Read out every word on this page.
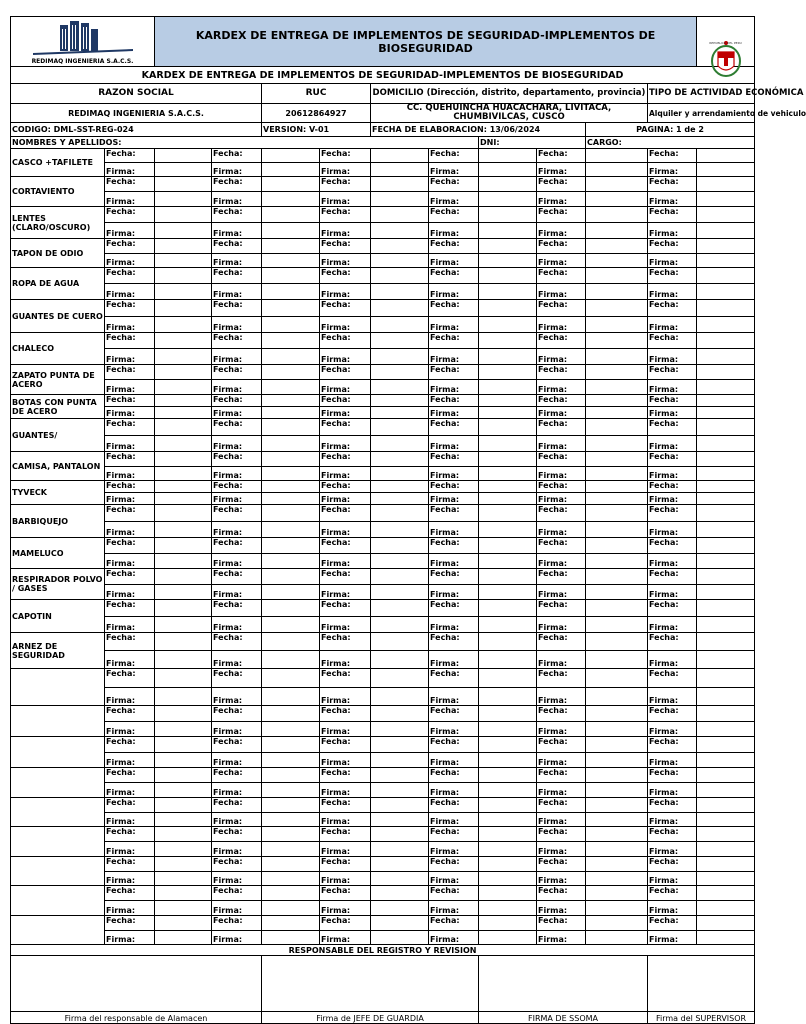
REDIMAQ INGENIERIA S.A.C.S.		KARDEX DE ENTREGA DE IMPLEMENTOS DE SEGURIDAD-IMPLEMENTOS DE BIOSEGURIDAD										REPUBLICA DEL PERU

KARDEX DE ENTREGA DE IMPLEMENTOS DE SEGURIDAD-IMPLEMENTOS DE BIOSEGURIDAD												
RAZON SOCIAL				RUC		DOMICILIO (Dirección, distrito, departamento, provincia)					TIPO DE ACTIVIDAD ECONÓMICA	
REDIMAQ INGENIERIA S.A.C.S.				20612864927		CC. QUEHUINCHA HUACACHARA, LIVITACA, CHUMBIVILCAS, CUSCO					Alquiler y arrendamiento de vehiculo	
CODIGO: DML-SST-REG-024				VERSION: V-01		FECHA DE ELABORACION: 13/06/2024				PAGINA: 1 de 2		
NOMBRES Y APELLIDOS:								DNI:		CARGO:		
CASCO +TAFILETE	Fecha:		Fecha:		Fecha:		Fecha:		Fecha:		Fecha:	
	Firma:		Firma:		Firma:		Firma:		Firma:		Firma:	
CORTAVIENTO	Fecha:		Fecha:		Fecha:		Fecha:		Fecha:		Fecha:	
	Firma:		Firma:		Firma:		Firma:		Firma:		Firma:	
LENTES (CLARO/OSCURO)	Fecha:		Fecha:		Fecha:		Fecha:		Fecha:		Fecha:	
	Firma:		Firma:		Firma:		Firma:		Firma:		Firma:	
TAPON DE ODIO	Fecha:		Fecha:		Fecha:		Fecha:		Fecha:		Fecha:	
	Firma:		Firma:		Firma:		Firma:		Firma:		Firma:	
ROPA DE AGUA	Fecha:		Fecha:		Fecha:		Fecha:		Fecha:		Fecha:	
	Firma:		Firma:		Firma:		Firma:		Firma:		Firma:	
GUANTES DE CUERO	Fecha:		Fecha:		Fecha:		Fecha:		Fecha:		Fecha:	
	Firma:		Firma:		Firma:		Firma:		Firma:		Firma:	
CHALECO	Fecha:		Fecha:		Fecha:		Fecha:		Fecha:		Fecha:	
	Firma:		Firma:		Firma:		Firma:		Firma:		Firma:	
ZAPATO PUNTA DE ACERO	Fecha:		Fecha:		Fecha:		Fecha:		Fecha:		Fecha:	
	Firma:		Firma:		Firma:		Firma:		Firma:		Firma:	
BOTAS CON PUNTA DE ACERO	Fecha:		Fecha:		Fecha:		Fecha:		Fecha:		Fecha:	
	Firma:		Firma:		Firma:		Firma:		Firma:		Firma:	
GUANTES/	Fecha:		Fecha:		Fecha:		Fecha:		Fecha:		Fecha:	
	Firma:		Firma:		Firma:		Firma:		Firma:		Firma:	
CAMISA, PANTALON	Fecha:		Fecha:		Fecha:		Fecha:		Fecha:		Fecha:	
	Firma:		Firma:		Firma:		Firma:		Firma:		Firma:	
TYVECK	Fecha:		Fecha:		Fecha:		Fecha:		Fecha:		Fecha:	
	Firma:		Firma:		Firma:		Firma:		Firma:		Firma:	
BARBIQUEJO	Fecha:		Fecha:		Fecha:		Fecha:		Fecha:		Fecha:	
	Firma:		Firma:		Firma:		Firma:		Firma:		Firma:	
MAMELUCO	Fecha:		Fecha:		Fecha:		Fecha:		Fecha:		Fecha:	
	Firma:		Firma:		Firma:		Firma:		Firma:		Firma:	
RESPIRADOR POLVO / GASES	Fecha:		Fecha:		Fecha:		Fecha:		Fecha:		Fecha:	
	Firma:		Firma:		Firma:		Firma:		Firma:		Firma:	
CAPOTIN	Fecha:		Fecha:		Fecha:		Fecha:		Fecha:		Fecha:	
	Firma:		Firma:		Firma:		Firma:		Firma:		Firma:	
ARNEZ DE SEGURIDAD	Fecha:		Fecha:		Fecha:		Fecha:		Fecha:		Fecha:	
	Firma:		Firma:		Firma:		Firma:		Firma:		Firma:	
	Fecha:		Fecha:		Fecha:		Fecha:		Fecha:		Fecha:	
	Firma:		Firma:		Firma:		Firma:		Firma:		Firma:	
	Fecha:		Fecha:		Fecha:		Fecha:		Fecha:		Fecha:	
	Firma:		Firma:		Firma:		Firma:		Firma:		Firma:	
	Fecha:		Fecha:		Fecha:		Fecha:		Fecha:		Fecha:	
	Firma:		Firma:		Firma:		Firma:		Firma:		Firma:	
	Fecha:		Fecha:		Fecha:		Fecha:		Fecha:		Fecha:	
	Firma:		Firma:		Firma:		Firma:		Firma:		Firma:	
	Fecha:		Fecha:		Fecha:		Fecha:		Fecha:		Fecha:	
	Firma:		Firma:		Firma:		Firma:		Firma:		Firma:	
	Fecha:		Fecha:		Fecha:		Fecha:		Fecha:		Fecha:	
	Firma:		Firma:		Firma:		Firma:		Firma:		Firma:	
	Fecha:		Fecha:		Fecha:		Fecha:		Fecha:		Fecha:	
	Firma:		Firma:		Firma:		Firma:		Firma:		Firma:	
	Fecha:		Fecha:		Fecha:		Fecha:		Fecha:		Fecha:	
	Firma:		Firma:		Firma:		Firma:		Firma:		Firma:	
	Fecha:		Fecha:		Fecha:		Fecha:		Fecha:		Fecha:	
	Firma:		Firma:		Firma:		Firma:		Firma:		Firma:	
RESPONSABLE DEL REGISTRO Y REVISION												

Firma del responsable de Alamacen				Firma de JEFE DE GUARDIA				FIRMA DE SSOMA			Firma del SUPERVISOR	
